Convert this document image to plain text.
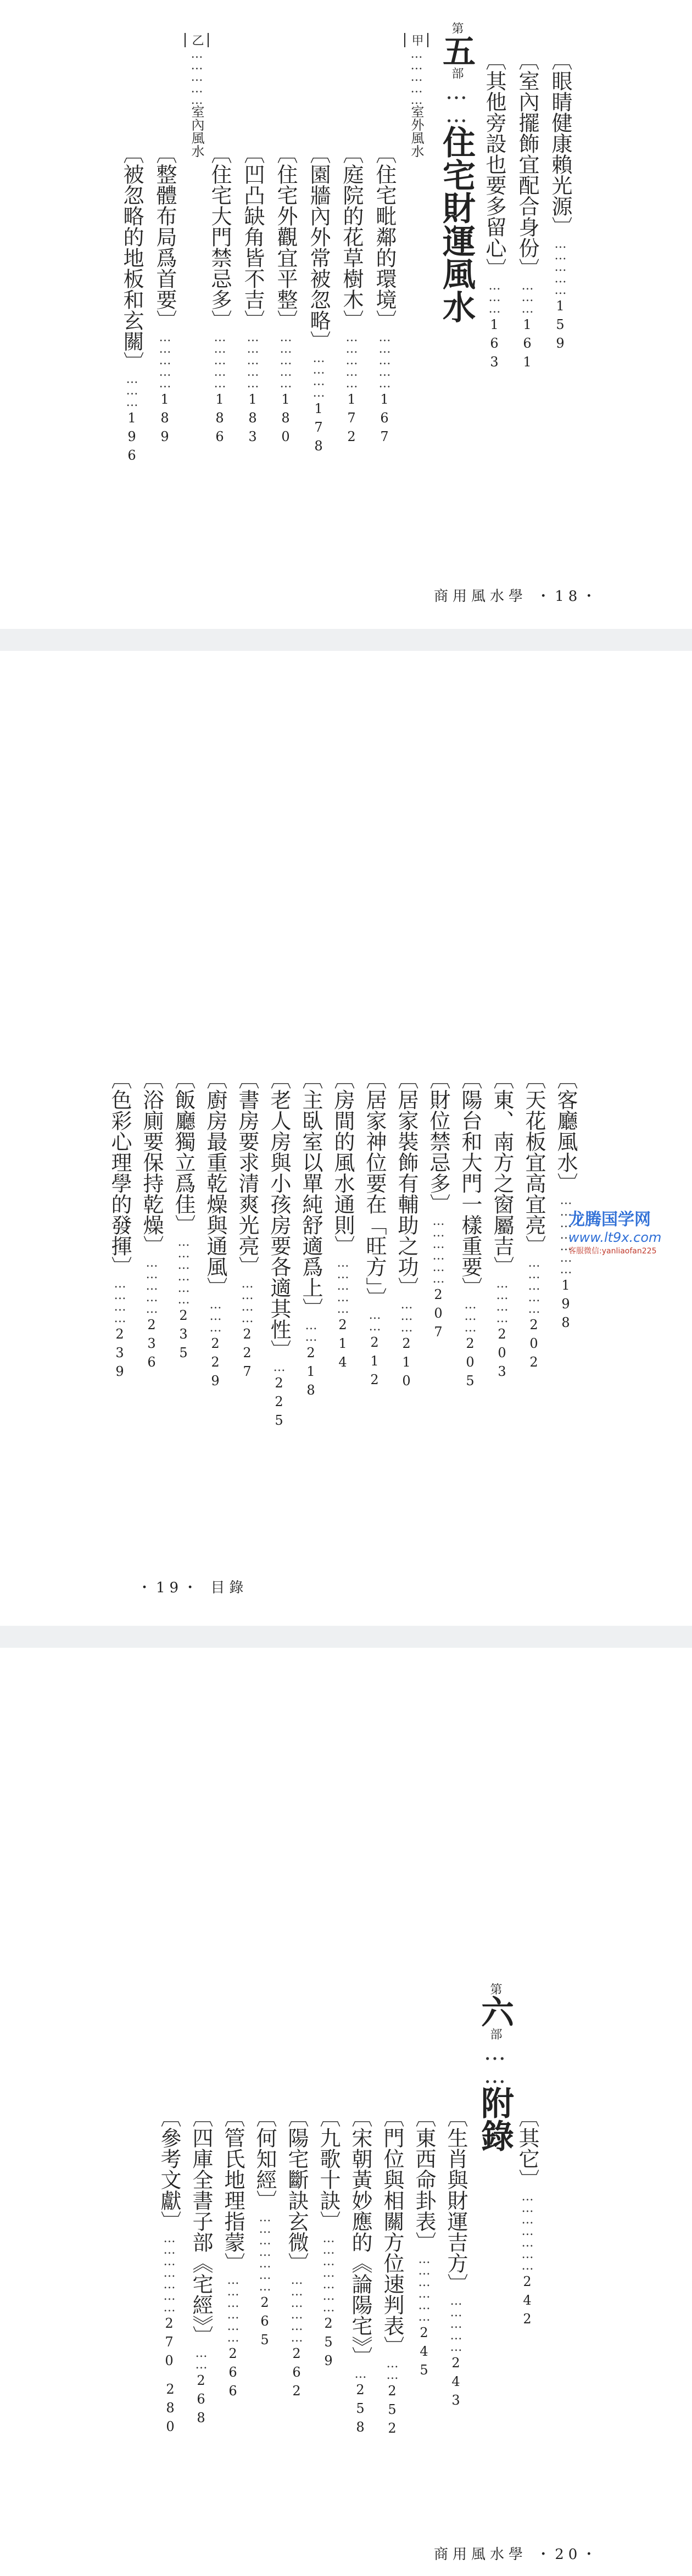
〔眼睛健康賴光源〕
……………
159
〔室內擺飾宜配合身份〕
………
161
〔其他旁設也要多留心〕
………
163
第
五
部
……
住宅財運風水
甲
……………
室外風水
〔住宅毗鄰的環境〕
……………
167
〔庭院的花草樹木〕
……………
172
〔園牆內外常被忽略〕
…………
178
〔住宅外觀宜平整〕
……………
180
〔凹凸缺角皆不吉〕
……………
183
〔住宅大門禁忌多〕
……………
186
乙
……………
室內風水
〔整體布局爲首要〕
……………
189
〔被忽略的地板和玄關〕
………
196
商用風水學 ・18・
〔客廳風水〕
…………………
198
〔天花板宜高宜亮〕
……………
202
〔東、南方之窗屬吉〕
…………
203
〔陽台和大門一樣重要〕
………
205
〔財位禁忌多〕
………………
207
〔居家裝飾有輔助之功〕
………
210
〔居家神位要在「旺方」〕
……
212
〔房間的風水通則〕
……………
214
〔主臥室以單純舒適爲上〕
……
218
〔老人房與小孩房要各適其性〕
…
225
〔書房要求清爽光亮〕
…………
227
〔廚房最重乾燥與通風〕
………
229
〔飯廳獨立爲佳〕
………………
235
〔浴廁要保持乾燥〕
……………
236
〔色彩心理學的發揮〕
…………
239
龙腾国学网
www.lt9x.com
客服微信:yanliaofan225
・19・ 目錄
〔其它〕
…………………
242
第
六
部
……
附錄
〔生肖與財運吉方〕
……………
243
〔東西命卦表〕
………………
245
〔門位與相關方位速判表〕
……
252
〔宋朝黃妙應的《論陽宅》〕
…
258
〔九歌十訣〕
…………………
259
〔陽宅斷訣玄微〕
………………
262
〔何知經〕
…………………
265
〔管氏地理指蒙〕
………………
266
〔四庫全書子部《宅經》〕
……
268
〔參考文獻〕
…………………
270
280
商用風水學 ・20・
